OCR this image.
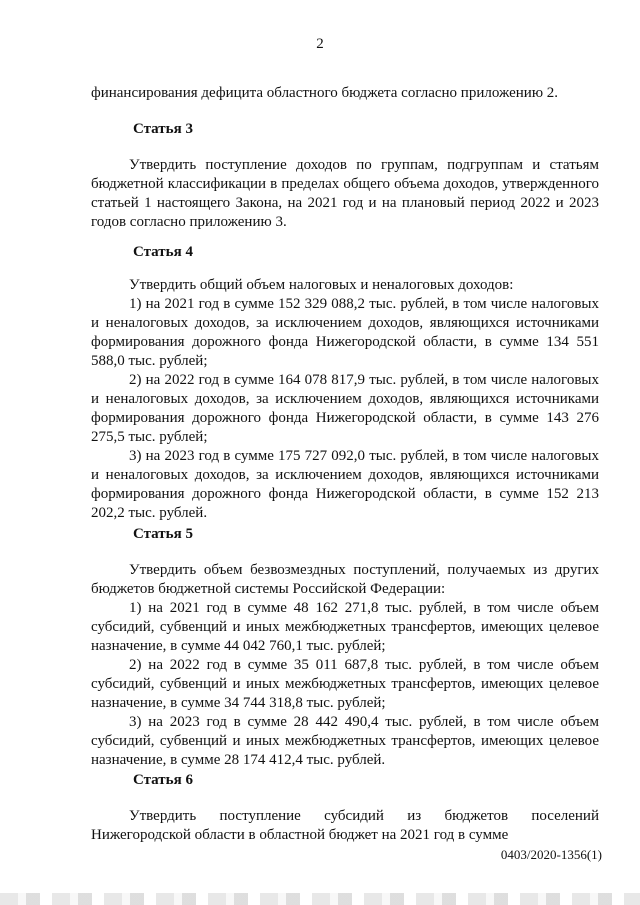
2
финансирования дефицита областного бюджета согласно приложению 2.
Статья 3
Утвердить поступление доходов по группам, подгруппам и статьям бюджетной классификации в пределах общего объема доходов, утвержденного статьей 1 настоящего Закона, на 2021 год и на плановый период 2022 и 2023 годов согласно приложению 3.
Статья 4
Утвердить общий объем налоговых и неналоговых доходов:
1) на 2021 год в сумме 152 329 088,2 тыс. рублей, в том числе налоговых и неналоговых доходов, за исключением доходов, являющихся источниками формирования дорожного фонда Нижегородской области, в сумме 134 551 588,0 тыс. рублей;
2) на 2022 год в сумме 164 078 817,9 тыс. рублей, в том числе налоговых и неналоговых доходов, за исключением доходов, являющихся источниками формирования дорожного фонда Нижегородской области, в сумме 143 276 275,5 тыс. рублей;
3) на 2023 год в сумме 175 727 092,0 тыс. рублей, в том числе налоговых и неналоговых доходов, за исключением доходов, являющихся источниками формирования дорожного фонда Нижегородской области, в сумме 152 213 202,2 тыс. рублей.
Статья 5
Утвердить объем безвозмездных поступлений, получаемых из других бюджетов бюджетной системы Российской Федерации:
1) на 2021 год в сумме 48 162 271,8 тыс. рублей, в том числе объем субсидий, субвенций и иных межбюджетных трансфертов, имеющих целевое назначение, в сумме 44 042 760,1 тыс. рублей;
2) на 2022 год в сумме 35 011 687,8 тыс. рублей, в том числе объем субсидий, субвенций и иных межбюджетных трансфертов, имеющих целевое назначение, в сумме 34 744 318,8 тыс. рублей;
3) на 2023 год в сумме 28 442 490,4 тыс. рублей, в том числе объем субсидий, субвенций и иных межбюджетных трансфертов, имеющих целевое назначение, в сумме 28 174 412,4 тыс. рублей.
Статья 6
Утвердить поступление субсидий из бюджетов поселений Нижегородской области в областной бюджет на 2021 год в сумме
0403/2020-1356(1)
